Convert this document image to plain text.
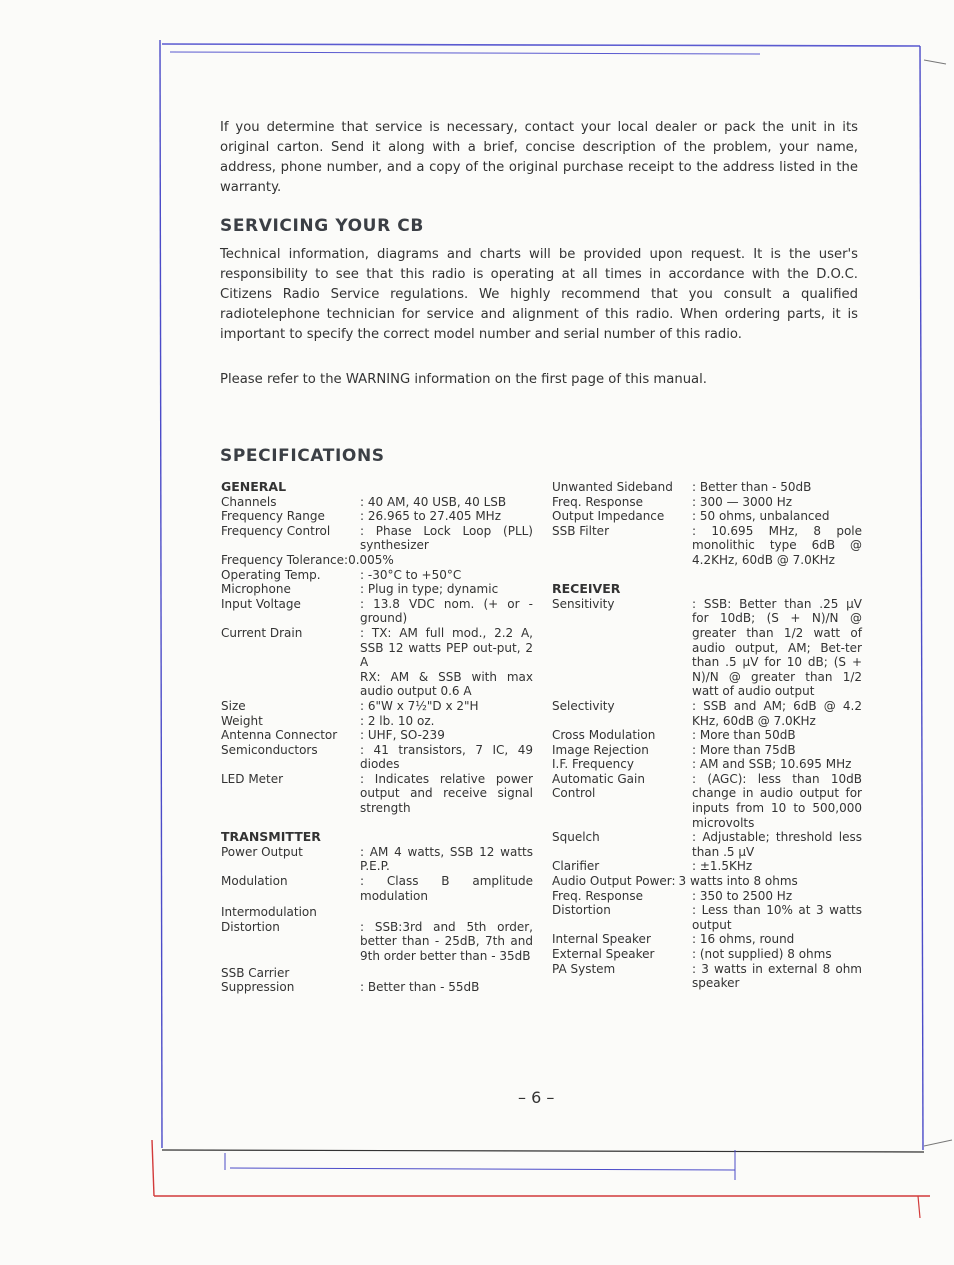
If you determine that service is necessary, contact your local dealer or pack the unit in its original carton. Send it along with a brief, concise description of the problem, your name, address, phone number, and a copy of the original purchase receipt to the address listed in the warranty.

SERVICING YOUR CB

Technical information, diagrams and charts will be provided upon request. It is the user's responsibility to see that this radio is operating at all times in accordance with the D.O.C. Citizens Radio Service regulations. We highly recommend that you consult a qualified radiotelephone technician for service and alignment of this radio. When ordering parts, it is important to specify the correct model number and serial number of this radio.

Please refer to the WARNING information on the first page of this manual.

SPECIFICATIONS
GENERAL
Channels	: 40 AM, 40 USB, 40 LSB
Frequency Range	: 26.965 to 27.405 MHz
Frequency Control	: Phase Lock Loop (PLL) synthesizer
Frequency Tolerance: 0.005%
Operating Temp.	: -30°C to +50°C
Microphone	: Plug in type; dynamic
Input Voltage	: 13.8 VDC nom. (+ or - ground)
Current Drain	: TX: AM full mod., 2.2 A, SSB 12 watts PEP out-put, 2 A
RX: AM & SSB with max audio output 0.6 A
Size	: 6"W x 7½"D x 2"H
Weight	: 2 lb. 10 oz.
Antenna Connector	: UHF, SO-239
Semiconductors	: 41 transistors, 7 IC, 49 diodes
LED Meter	: Indicates relative power output and receive signal strength
TRANSMITTER
Power Output	: AM 4 watts, SSB 12 watts P.E.P.
Modulation	: Class B amplitude modulation
Intermodulation
Distortion	: SSB:3rd and 5th order, better than - 25dB, 7th and 9th order better than - 35dB
SSB Carrier
Suppression	: Better than - 55dB
Unwanted Sideband	: Better than - 50dB
Freq. Response	: 300 — 3000 Hz
Output Impedance	: 50 ohms, unbalanced
SSB Filter	: 10.695 MHz, 8 pole monolithic type 6dB @ 4.2KHz, 60dB @ 7.0KHz
RECEIVER
Sensitivity	: SSB: Better than .25 µV for 10dB; (S + N)/N @ greater than 1/2 watt of audio output, AM; Bet-ter than .5 µV for 10 dB; (S + N)/N @ greater than 1/2 watt of audio output
Selectivity	: SSB and AM; 6dB @ 4.2 KHz, 60dB @ 7.0KHz
Cross Modulation	: More than 50dB
Image Rejection	: More than 75dB
I.F. Frequency	: AM and SSB; 10.695 MHz
Automatic Gain
Control
: (AGC): less than 10dB change in audio output for inputs from 10 to 500,000 microvolts
Squelch	: Adjustable; threshold less than .5 µV
Clarifier	: ±1.5KHz
Audio Output Power: 3 watts into 8 ohms
Freq. Response	: 350 to 2500 Hz
Distortion	: Less than 10% at 3 watts output
Internal Speaker	: 16 ohms, round
External Speaker	: (not supplied) 8 ohms
PA System	: 3 watts in external 8 ohm speaker
– 6 –
